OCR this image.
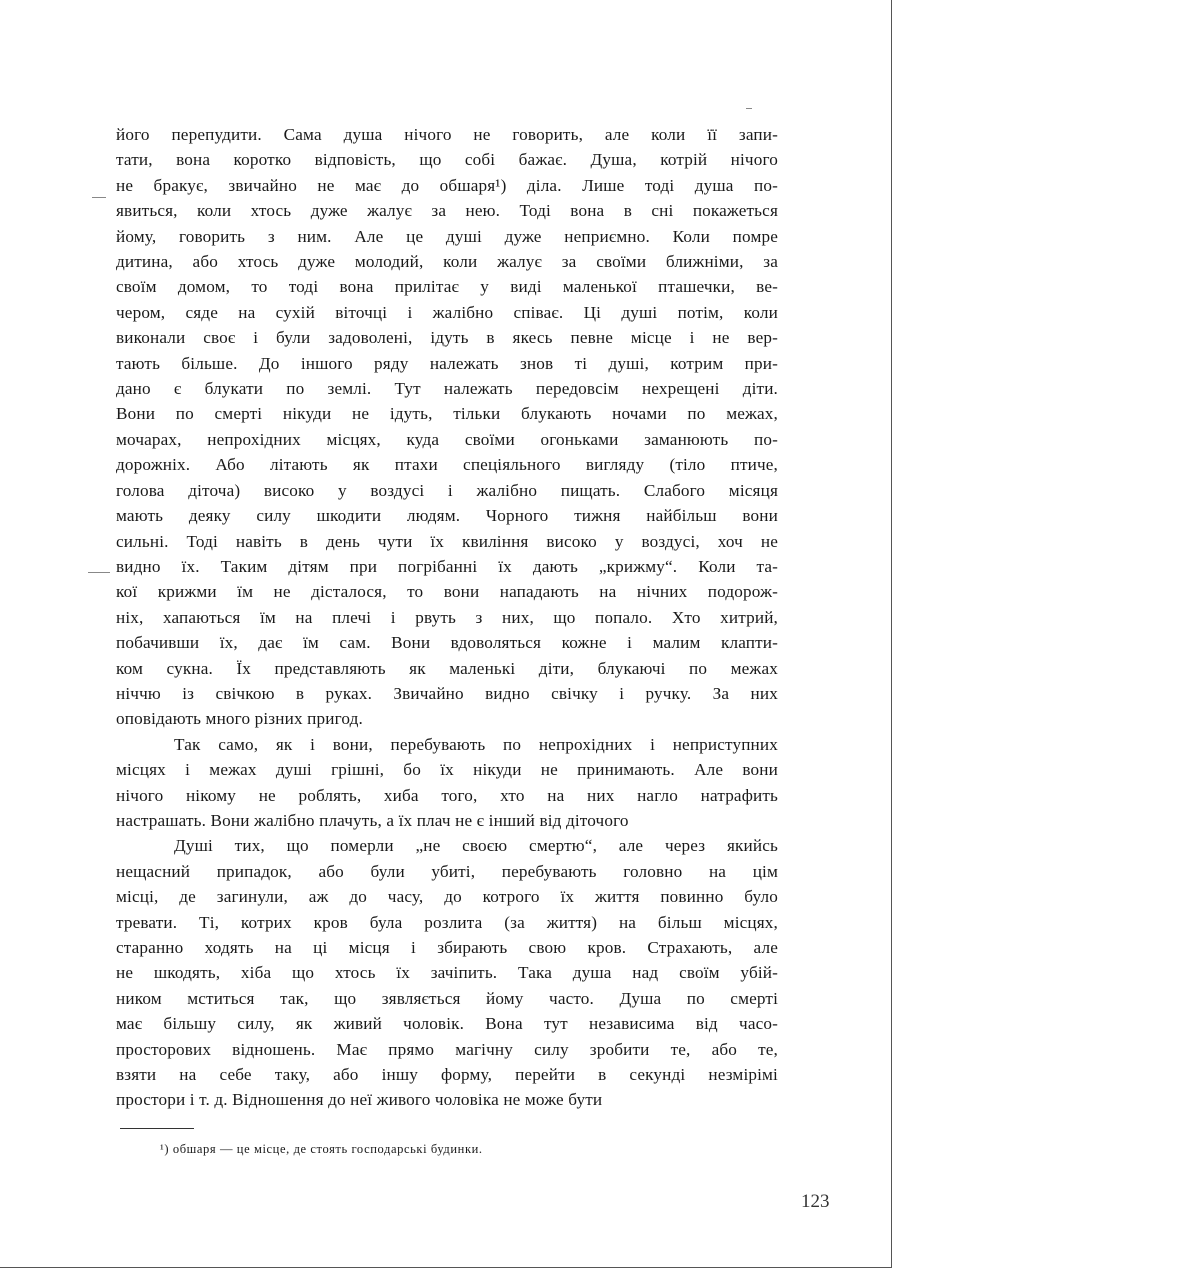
його перепудити. Сама душа нічого не говорить, але коли її запи-
тати, вона коротко відповість, що собі бажає. Душа, котрій нічого
не бракує, звичайно не має до обшаря¹) діла. Лише тоді душа по-
явиться, коли хтось дуже жалує за нею. Тоді вона в сні покажеться
йому, говорить з ним. Але це душі дуже неприємно. Коли помре
дитина, або хтось дуже молодий, коли жалує за своїми ближніми, за
своїм домом, то тоді вона прилітає у виді маленької пташечки, ве-
чером, сяде на сухій віточці і жалібно співає. Ці душі потім, коли
виконали своє і були задоволені, ідуть в якесь певне місце і не вер-
тають більше. До іншого ряду належать знов ті душі, котрим при-
дано є блукати по землі. Тут належать передовсім нехрещені діти.
Вони по смерті нікуди не ідуть, тільки блукають ночами по межах,
мочарах, непрохідних місцях, куда своїми огоньками заманюють по-
дорожніх. Або літають як птахи спеціяльного вигляду (тіло птиче,
голова діточа) високо у воздусі і жалібно пищать. Слабого місяця
мають деяку силу шкодити людям. Чорного тижня найбільш вони
сильні. Тоді навіть в день чути їх квиління високо у воздусі, хоч не
видно їх. Таким дітям при погрібанні їх дають „крижму“. Коли та-
кої крижми їм не дісталося, то вони нападають на нічних подорож-
ніх, хапаються їм на плечі і рвуть з них, що попало. Хто хитрий,
побачивши їх, дає їм сам. Вони вдоволяться кожне і малим клапти-
ком сукна. Їх представляють як маленькі діти, блукаючі по межах
ніччю із свічкою в руках. Звичайно видно свічку і ручку. За них
оповідають много різних пригод.

Так само, як і вони, перебувають по непрохідних і неприступних
місцях і межах душі грішні, бо їх нікуди не принимають. Але вони
нічого нікому не роблять, хиба того, хто на них нагло натрафить
настрашать. Вони жалібно плачуть, а їх плач не є інший від діточого

Душі тих, що померли „не своєю смертю“, але через якийсь
нещасний припадок, або були убиті, перебувають головно на цім
місці, де загинули, аж до часу, до котрого їх життя повинно було
тревати. Ті, котрих кров була розлита (за життя) на більш місцях,
старанно ходять на ці місця і збирають свою кров. Страхають, але
не шкодять, хіба що хтось їх зачіпить. Така душа над своїм убій-
ником мститься так, що зявляється йому часто. Душа по смерті
має більшу силу, як живий чоловік. Вона тут независима від часо-
просторових відношень. Має прямо магічну силу зробити те, або те,
взяти на себе таку, або іншу форму, перейти в секунді незмірімі
простори і т. д. Відношення до неї живого чоловіка не може бути

¹) обшаря — це місце, де стоять господарські будинки.
123
